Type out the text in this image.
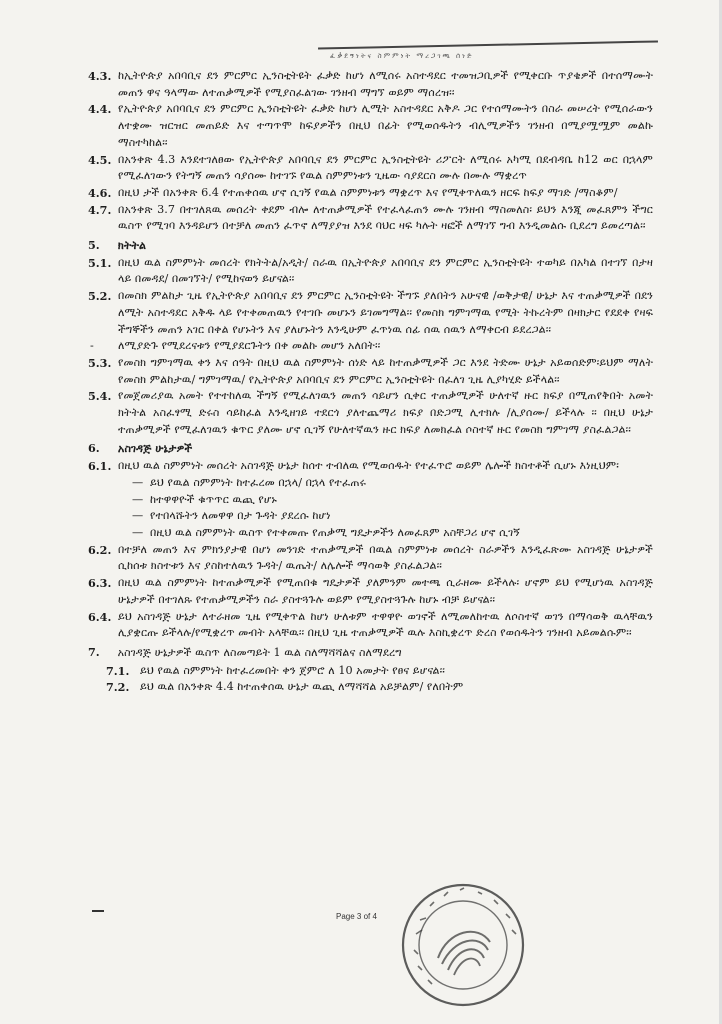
ፈቃደኝነትና ስምምነት ማረጋገጫ ሰነድ
4.3. ከኢትዮጵያ አበባቢና ደን ምርምር ኢንስቲትዩት ፈቃድ ከሆነ ለሚሰሩ አስተዳደር ተመዝጋቢዎች የሚቀርቡ ጥያቄዎች በተሰማሙት መጠን ዋና ዓላማው ለተጠቃሚዎች የሚያስፈልገው ገንዘብ ማግኘ ወይም ማሰረዝ፡፡
4.4. የኢትዮጵያ አበባቢና ደን ምርምር ኢንስቲትዩት ፈቃድ ከሆነ ሊሚት አስተዳደር አቅዶ ጋር የተሰማሙትን በስራ መሠረት የሚሰራውን ለተቋሙ ዝርዝር መጠይድ እና ተጣጥሞ ከፍያዎችን በዚህ በፊት የሚወሰዱትን ብሊሚዎችን ገንዘብ በሚያሟሟም መልኩ ማስተካከል፡፡
4.5. በአንቀጽ 4.3 እንደተገለፀው የኢትዮጵያ አበባቢና ደን ምርምር ኢንስቲትዩት ሪፖርት ለሚሰሩ አካሚ በደብዳቤ ከ12 ወር በኋላም የሚፈለገውን የትግኝ መጠን ሳያሰሙ ከተገኙ የዉል ስምምነቱን ጊዜው ሳያደርስ ሙሉ በሙሉ ማቋረጥ
4.6. በዚህ ታች በአንቀጽ 6.4 የተጠቀሰዉ ሆኖ ሲገኝ የዉል ስምምነቱን ማቋረጥ እና የሚቀጥለዉን ዘርፍ ከፍያ ማገድ /ማስቆም/
4.7. በአንቀጽ 3.7 በተገለጸዉ መሰረት ቀደም ብሎ ለተጠቃሚዎች የተፈላፈጠን ሙሉ ገንዘብ ማስመለስ፡ ይህን እንጂ መፈጸምን ችግር ዉስጥ የሚገባ እንዳይሆን በተቻለ መጠን ፈጥኖ ለማያያዝ እንደ ባህር ዛፍ ካሉት ዛፎች ለማገኘ ግብ እንዲመልሱ ቢደረግ ይመረጣል፡፡
5. ክትትል
5.1. በዚህ ዉል ስምምነት መሰረት የክትትል/አዲት/ ስራዉ በኢትዮጵያ አበባቢና ደን ምርምር ኢንስቲትዩት ተወካይ በአካል በተገኘ በታዛ ላይ በመዳደ/ በመገኘት/ የሚከናወን ይሆናል፡፡
5.2. በመስክ ምልከታ ጊዜ የኢትዮጵያ አበባቢና ደን ምርምር ኢንስቲትዩት ችግኙ ያለበትን አሁናዊ /ወቅታዊ/ ሁኔታ እና ተጠቃሚዎች በደን ለሚት አስተዳደር አቅዱ ላይ የተቀመጠዉን የተገቡ መሆኑን ይገመግማል፡፡ የመስክ ግምገማዉ የሚት ትኩረትም በዛክታር የደደቀ የዛፍ ችግኞችን መጠን አገር በቀል የሆኑትን እና ያለሆኑትን እንዲሁም ፈጥነዉ ሰፊ ሰዉ ሰዉን ለማቀርብ ይደረጋል፡፡
- ለሚያድጉ የሚደረናቱን የሚያደርጉትን በቀ መልኩ መሆን አለበት፡፡
5.3. የመስክ ግምገማዉ ቀን እና ሰዓት በዚህ ዉል ስምምነት ሰነድ ላይ ከተጠቃሚዎች ጋር እንደ ትድሙ ሁኔታ አይወሰድም፡ይህም ማለት የመስክ ምልከታዉ/ ግምገማዉ/ የኢትዮጵያ አበባቢና ደን ምርምር ኢንስቲትዩት በፈለገ ጊዜ ሊያካሂድ ይችላል፡፡
5.4. የመጀመሪያዉ አመት የተተከለዉ ችግኝ የሚፈለገዉን መጠን ሳይሆን ሲቀር ተጠቃሚዎች ሁለተኛ ዙር ክፍያ በሚጠየቅበት አመት ክትትል አስፈፃሚ ድሩስ ሳይከፈል እንዲዘገይ ተደርጎ ያለተጨማሪ ክፍያ በድጋሚ ሊተክሉ /ሊያሰሙ/ ይችላሉ ፡፡ በዚህ ሁኔታ ተጠቃሚዎች የሚፈለገዉን ቁጥር ያለሙ ሆኖ ሲገኝ የሁለተኛዉን ዙር ክፍያ ለመክፈል ሶስተኛ ዙር የመስክ ግምገማ ያስፈልጋል፡፡
6. አስገዳጅ ሁኔታዎች
6.1. በዚህ ዉል ስምምነት መሰረት አስገዳጅ ሁኔታ ከሰተ ተብለዉ የሚወሰዱት የተፈጥሮ ወይም ሌሎች ክስተቶች ሲሆኑ እነዚህም፡
— ይህ የዉል ስምምነት ከተፈረመ በኋላ/ በኋላ የተፈጠሩ
— ከተዋዋዮች ቁጥጥር ዉጪ የሆኑ
— የተበላሹትን ለመዋዋ በታ ጉዳት ያደረሱ ከሆነ
— በዚህ ዉል ስምምነት ዉስጥ የተቀመጡ የጠቃሚ ግዴታዎችን ለመፈጸም አስቸጋሪ ሆኖ ሲገኝ
6.2. በተቻለ መጠን እና ምክንያታዊ በሆነ መንገድ ተጠቃሚዎች በዉል ስምምነቱ መሰረት ስራዎችን እንዲፈጽሙ አስገዳጅ ሁኔታዎች ሲከሰቱ ክስተቱን እና ያስከተለዉን ጉዳት/ ዉጤት/ ለሌሎች ማሳወቅ ያስፈልጋል፡፡
6.3. በዚህ ዉል ስምምነት ከተጠቃሚዎች የሚጠበቁ ግዴታዎች ያለምንም መተጫ ሲራዘሙ ይችላሉ፡ ሆኖም ይህ የሚሆነዉ አስገዳጅ ሁኔታዎች በተገለጹ የተጠቃሚዎችን ስራ ያስተጓጉሉ ወይም የሚያስተጓጉሉ ከሆኑ ብቻ ይሆናል፡፡
6.4. ይህ አስገዳጅ ሁኔታ ለተራዘመ ጊዜ የሚቀጥል ከሆነ ሁለቱም ተዋዋዮ ወገኖች ለሚመለከተዉ ለሶስተኛ ወገን በማሳወቅ ዉላቸዉን ሊያቋርጡ ይችላሉ/የሚቋረጥ መብት አላቸዉ፡፡ በዚህ ጊዜ ተጠቃሚዎች ዉሉ እስኪቋረጥ ድረስ የወሰዱትን ገንዘብ አይመልሱም፡፡
7. አስገዳጅ ሁኔታዎች ዉስጥ ለስመጣይት 1 ዉል ስለማሻሻልና ስለማደረግ
7.1. ይህ የዉል ስምምነት ከተፈረመበት ቀን ጀምሮ ለ 10 አመታት የፀና ይሆናል፡፡
7.2. ይህ ዉል በአንቀጽ 4.4 ከተጠቀሰዉ ሁኔታ ዉጪ ለማሻሻል አይቻልም/ የለበትም
Page 3 of 4
